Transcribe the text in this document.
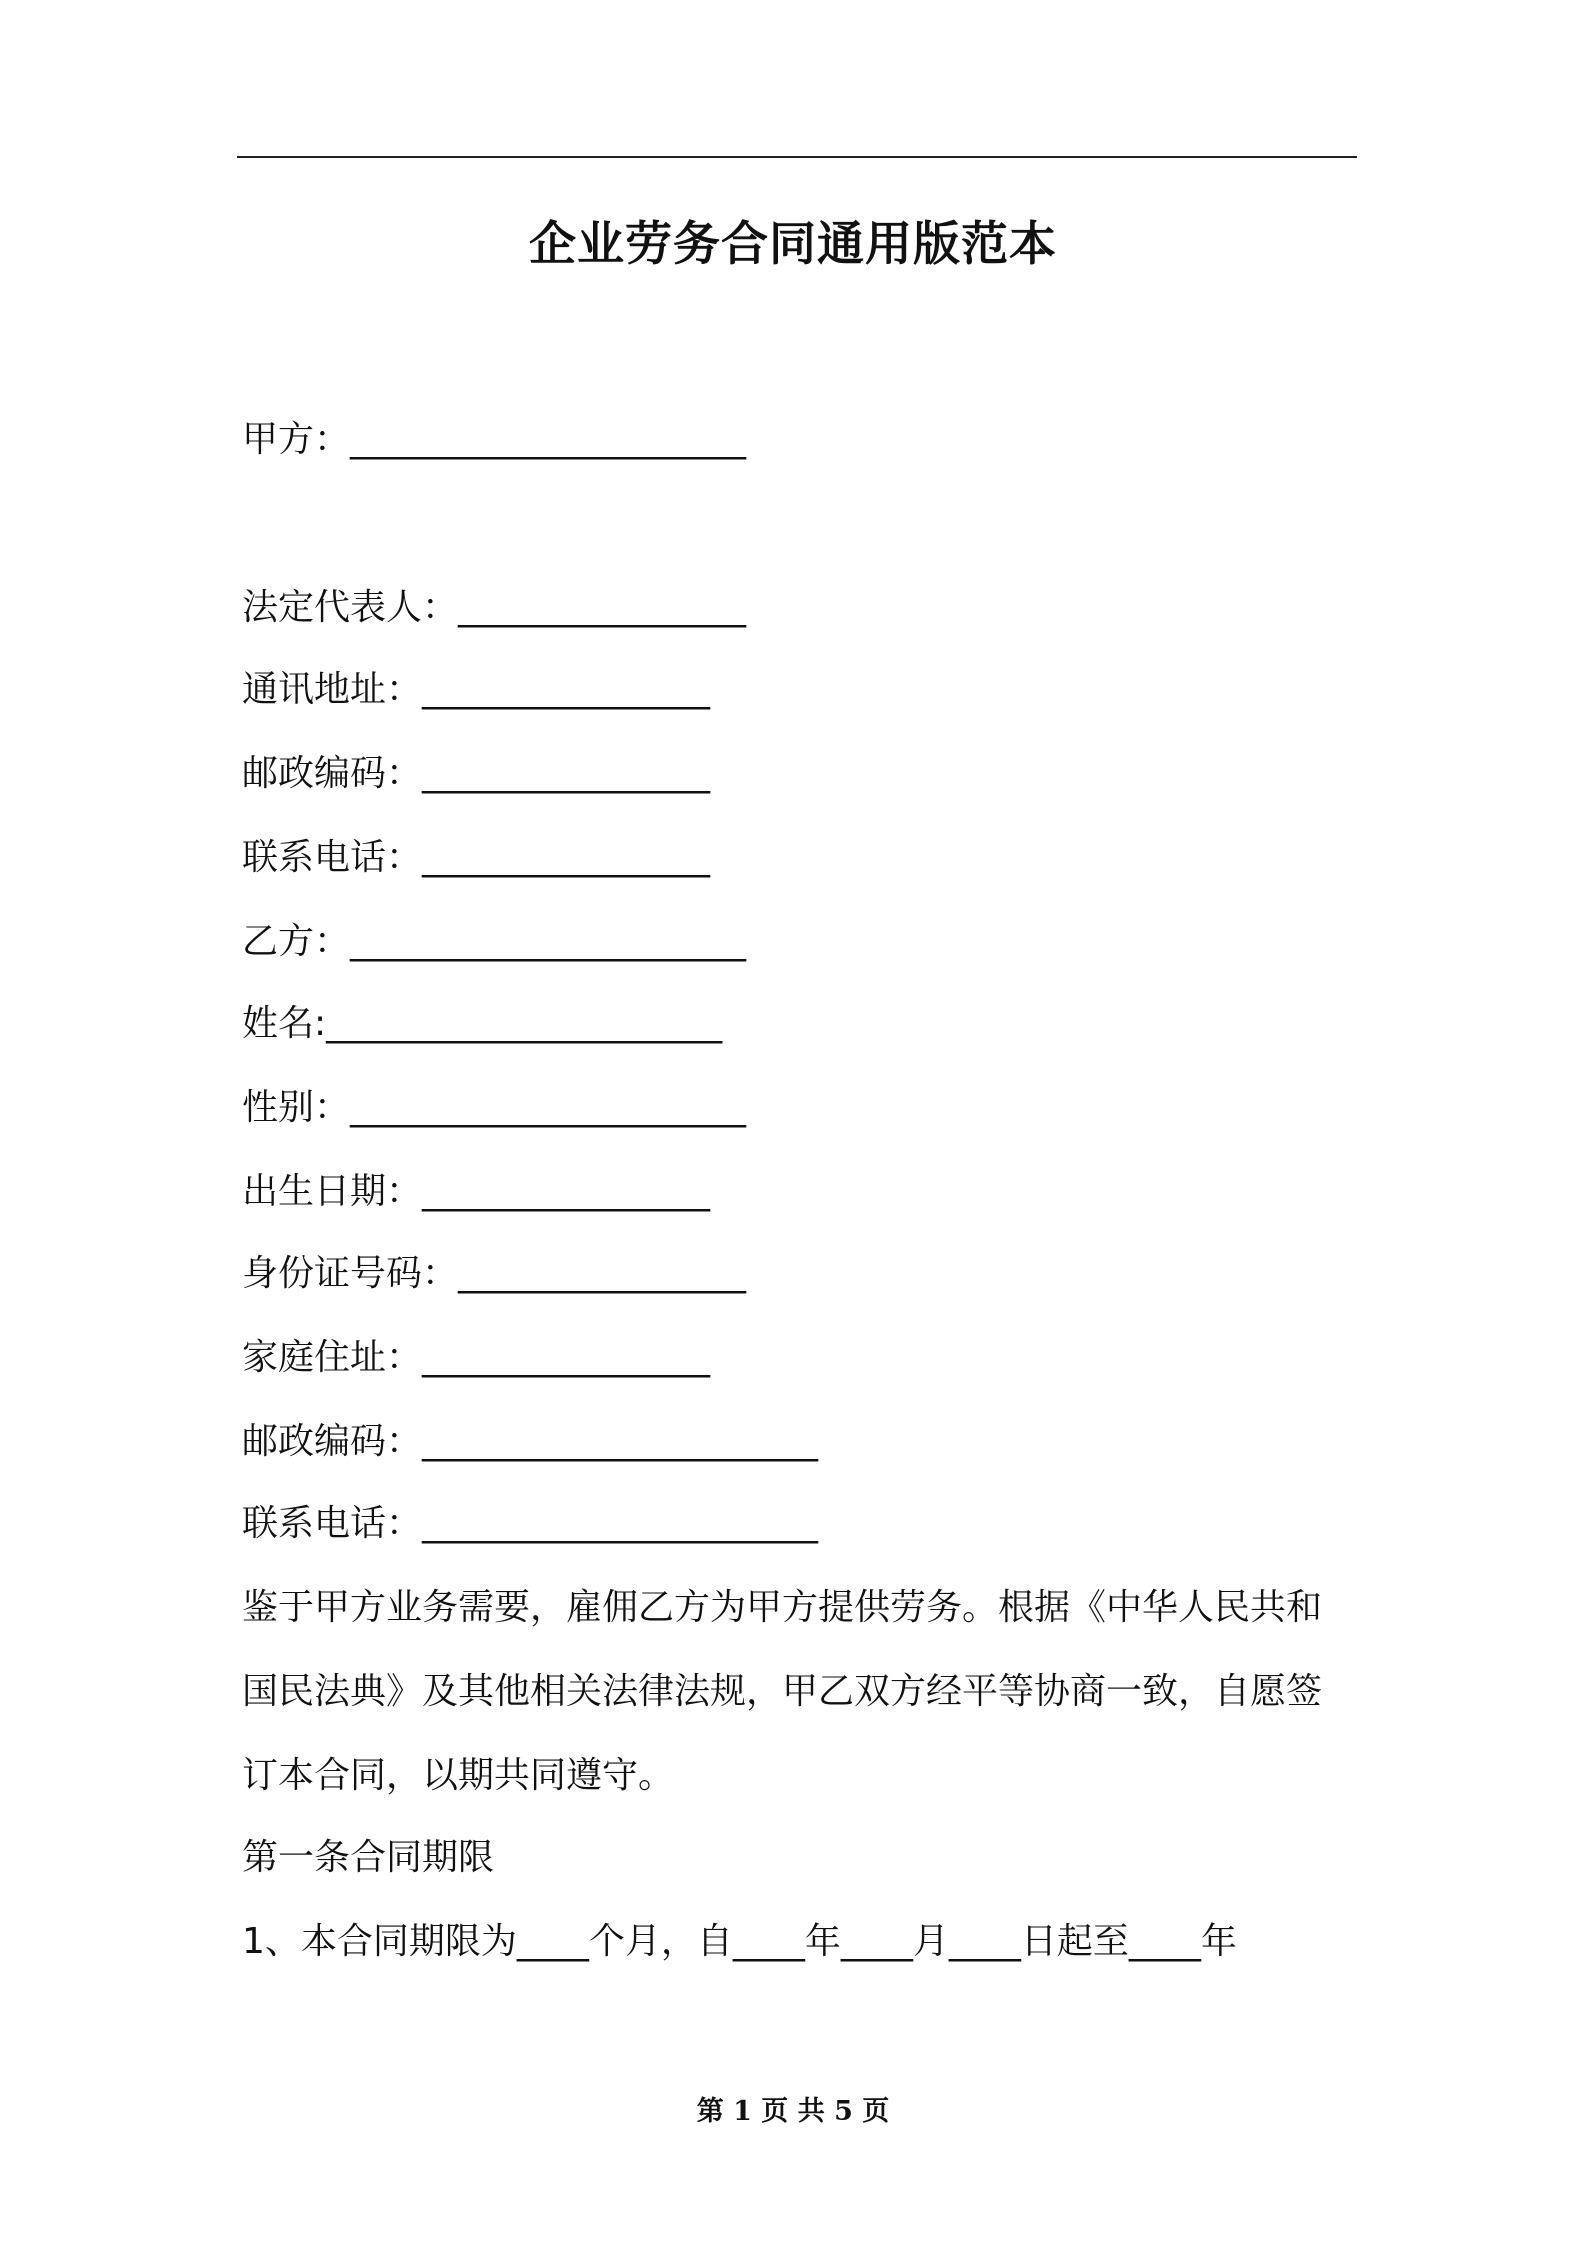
企业劳务合同通用版范本
甲方：______________________
法定代表人：________________
通讯地址：________________
邮政编码：________________
联系电话：________________
乙方：______________________
姓名:______________________
性别：______________________
出生日期：________________
身份证号码：________________
家庭住址：________________
邮政编码：______________________
联系电话：______________________
鉴于甲方业务需要，雇佣乙方为甲方提供劳务。根据《中华人民共和
国民法典》及其他相关法律法规，甲乙双方经平等协商一致，自愿签
订本合同，以期共同遵守。
第一条合同期限
1、本合同期限为____个月，自____年____月____日起至____年
第 1 页 共 5 页
